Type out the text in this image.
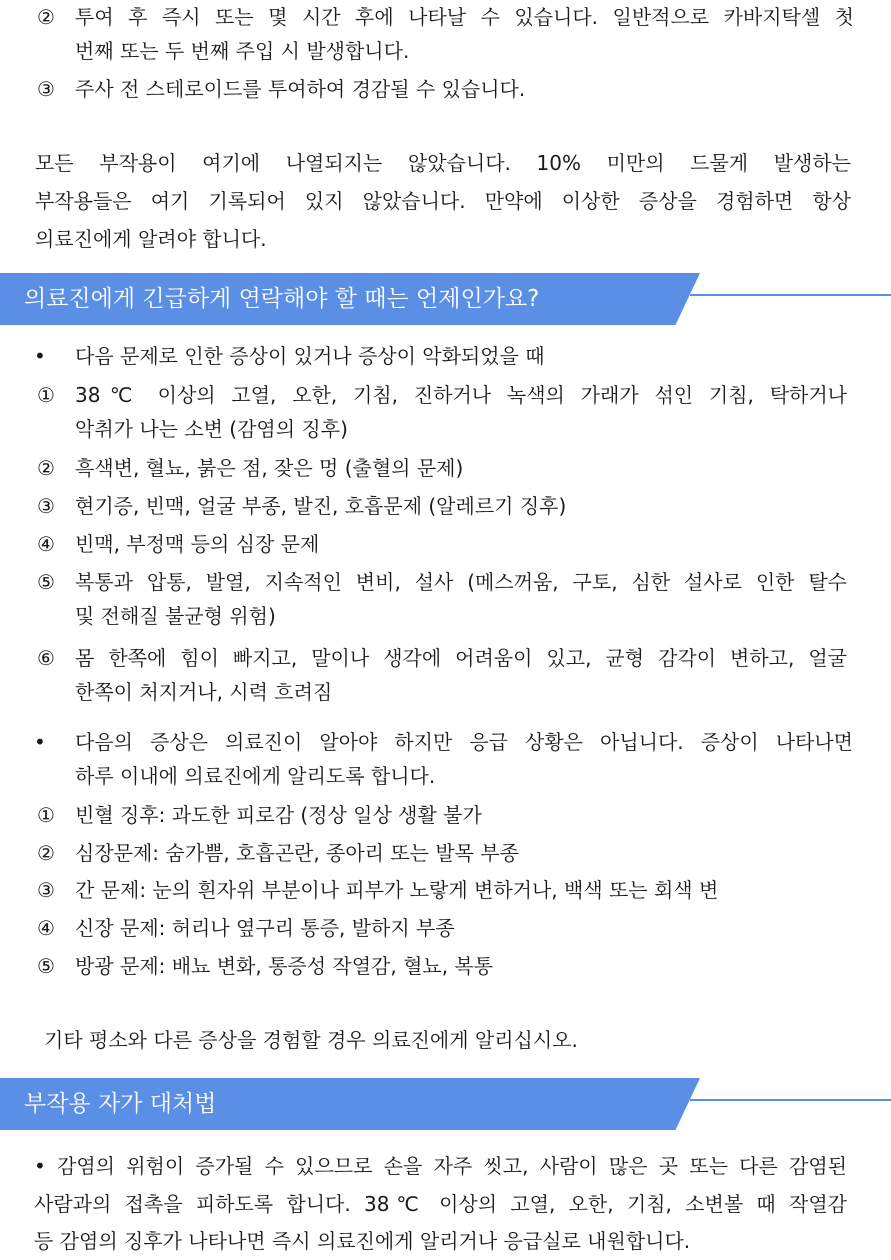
② 투여 후 즉시 또는 몇 시간 후에 나타날 수 있습니다. 일반적으로 카바지탁셀 첫
번째 또는 두 번째 주입 시 발생합니다.
③ 주사 전 스테로이드를 투여하여 경감될 수 있습니다.
모든 부작용이 여기에 나열되지는 않았습니다. 10% 미만의 드물게 발생하는
부작용들은 여기 기록되어 있지 않았습니다. 만약에 이상한 증상을 경험하면 항상
의료진에게 알려야 합니다.
의료진에게 긴급하게 연락해야 할 때는 언제인가요?
• 다음 문제로 인한 증상이 있거나 증상이 악화되었을 때
① 38℃ 이상의 고열, 오한, 기침, 진하거나 녹색의 가래가 섞인 기침, 탁하거나
악취가 나는 소변 (감염의 징후)
② 흑색변, 혈뇨, 붉은 점, 잦은 멍 (출혈의 문제)
③ 현기증, 빈맥, 얼굴 부종, 발진, 호흡문제 (알레르기 징후)
④ 빈맥, 부정맥 등의 심장 문제
⑤ 복통과 압통, 발열, 지속적인 변비, 설사 (메스꺼움, 구토, 심한 설사로 인한 탈수
및 전해질 불균형 위험)
⑥ 몸 한쪽에 힘이 빠지고, 말이나 생각에 어려움이 있고, 균형 감각이 변하고, 얼굴
한쪽이 처지거나, 시력 흐려짐
• 다음의 증상은 의료진이 알아야 하지만 응급 상황은 아닙니다. 증상이 나타나면
하루 이내에 의료진에게 알리도록 합니다.
① 빈혈 징후: 과도한 피로감 (정상 일상 생활 불가
② 심장문제: 숨가쁨, 호흡곤란, 종아리 또는 발목 부종
③ 간 문제: 눈의 흰자위 부분이나 피부가 노랗게 변하거나, 백색 또는 회색 변
④ 신장 문제: 허리나 옆구리 통증, 발하지 부종
⑤ 방광 문제: 배뇨 변화, 통증성 작열감, 혈뇨, 복통
기타 평소와 다른 증상을 경험할 경우 의료진에게 알리십시오.
부작용 자가 대처법
• 감염의 위험이 증가될 수 있으므로 손을 자주 씻고, 사람이 많은 곳 또는 다른 감염된
사람과의 접촉을 피하도록 합니다. 38℃ 이상의 고열, 오한, 기침, 소변볼 때 작열감
등 감염의 징후가 나타나면 즉시 의료진에게 알리거나 응급실로 내원합니다.
